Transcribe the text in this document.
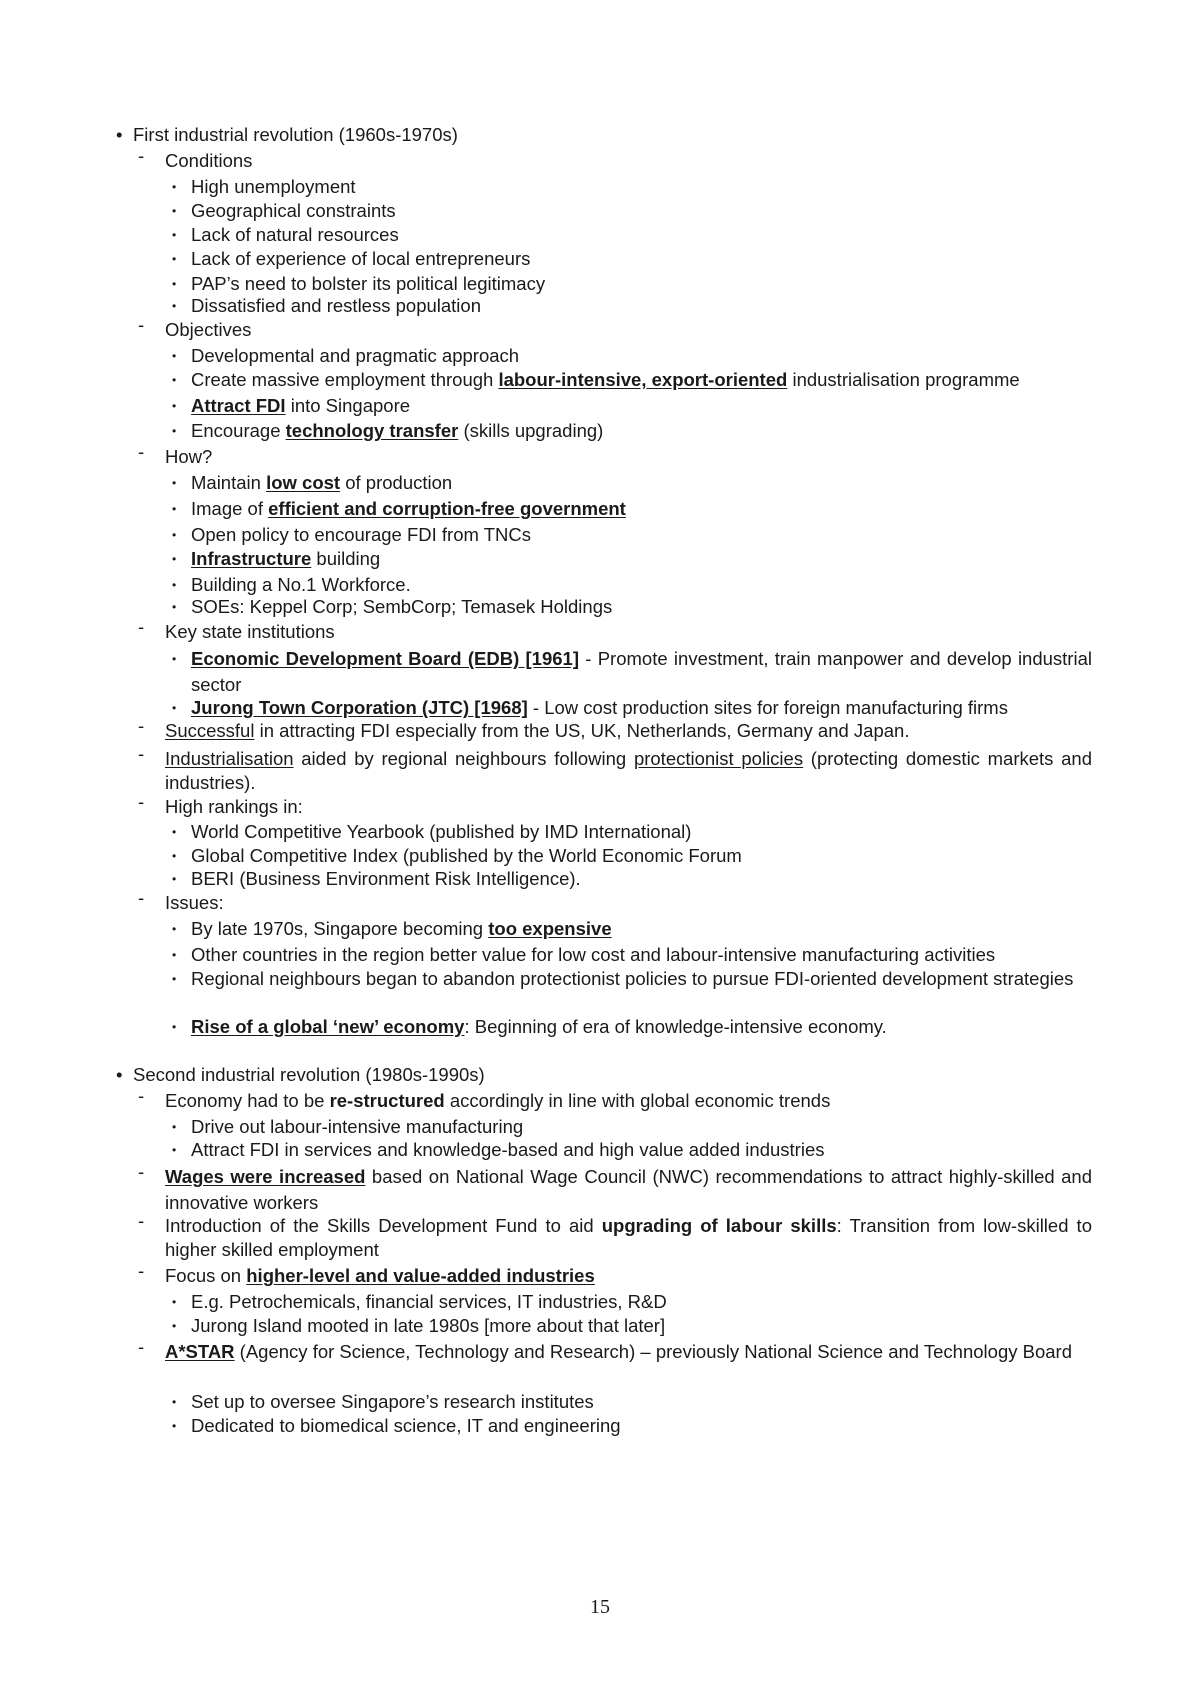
• First industrial revolution (1960s-1970s)
- Conditions
• High unemployment
• Geographical constraints
• Lack of natural resources
• Lack of experience of local entrepreneurs
• PAP’s need to bolster its political legitimacy
• Dissatisfied and restless population
- Objectives
• Developmental and pragmatic approach
• Create massive employment through labour-intensive, export-oriented industrialisation programme
• Attract FDI into Singapore
• Encourage technology transfer (skills upgrading)
- How?
• Maintain low cost of production
• Image of efficient and corruption-free government
• Open policy to encourage FDI from TNCs
• Infrastructure building
• Building a No.1 Workforce.
• SOEs: Keppel Corp; SembCorp; Temasek Holdings
- Key state institutions
• Economic Development Board (EDB) [1961] - Promote investment, train manpower and develop industrial sector
• Jurong Town Corporation (JTC) [1968] - Low cost production sites for foreign manufacturing firms
- Successful in attracting FDI especially from the US, UK, Netherlands, Germany and Japan.
- Industrialisation aided by regional neighbours following protectionist policies (protecting domestic markets and industries).
- High rankings in:
• World Competitive Yearbook (published by IMD International)
• Global Competitive Index (published by the World Economic Forum
• BERI (Business Environment Risk Intelligence).
- Issues:
• By late 1970s, Singapore becoming too expensive
• Other countries in the region better value for low cost and labour-intensive manufacturing activities
• Regional neighbours began to abandon protectionist policies to pursue FDI-oriented development strategies
• Rise of a global ‘new’ economy: Beginning of era of knowledge-intensive economy.
• Second industrial revolution (1980s-1990s)
- Economy had to be re-structured accordingly in line with global economic trends
• Drive out labour-intensive manufacturing
• Attract FDI in services and knowledge-based and high value added industries
- Wages were increased based on National Wage Council (NWC) recommendations to attract highly-skilled and innovative workers
- Introduction of the Skills Development Fund to aid upgrading of labour skills: Transition from low-skilled to higher skilled employment
- Focus on higher-level and value-added industries
• E.g. Petrochemicals, financial services, IT industries, R&D
• Jurong Island mooted in late 1980s [more about that later]
- A*STAR (Agency for Science, Technology and Research) – previously National Science and Technology Board
• Set up to oversee Singapore’s research institutes
• Dedicated to biomedical science, IT and engineering
15
